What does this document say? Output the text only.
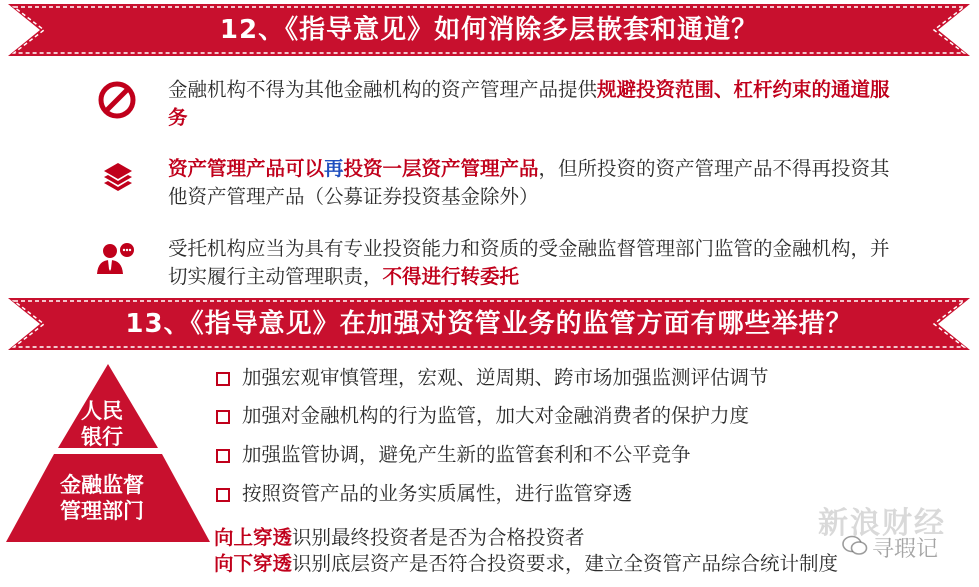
12、《指导意见》如何消除多层嵌套和通道？
金融机构不得为其他金融机构的资产管理产品提供规避投资范围、杠杆约束的通道服务
资产管理产品可以再投资一层资产管理产品，但所投资的资产管理产品不得再投资其他资产管理产品（公募证券投资基金除外）
受托机构应当为具有专业投资能力和资质的受金融监督管理部门监管的金融机构，并切实履行主动管理职责，不得进行转委托
13、《指导意见》在加强对资管业务的监管方面有哪些举措？
人民
银行
金融监督
管理部门
加强宏观审慎管理，宏观、逆周期、跨市场加强监测评估调节
加强对金融机构的行为监管，加大对金融消费者的保护力度
加强监管协调，避免产生新的监管套利和不公平竞争
按照资管产品的业务实质属性，进行监管穿透
向上穿透识别最终投资者是否为合格投资者
向下穿透识别底层资产是否符合投资要求，建立全资管产品综合统计制度
新浪财经
寻瑕记
